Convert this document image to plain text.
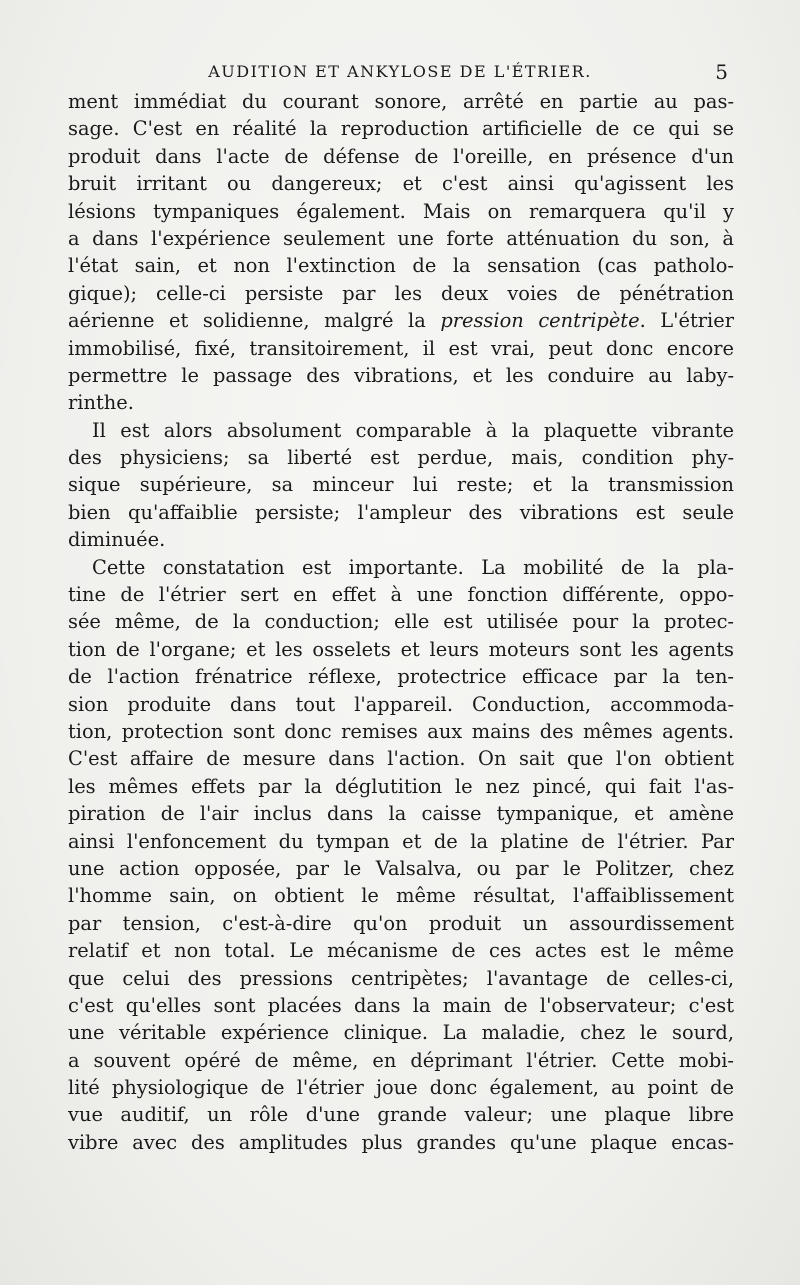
AUDITION ET ANKYLOSE DE L'ÉTRIER.	5
ment immédiat du courant sonore, arrêté en partie au pas-
sage. C'est en réalité la reproduction artificielle de ce qui se
produit dans l'acte de défense de l'oreille, en présence d'un
bruit irritant ou dangereux; et c'est ainsi qu'agissent les
lésions tympaniques également. Mais on remarquera qu'il y
a dans l'expérience seulement une forte atténuation du son, à
l'état sain, et non l'extinction de la sensation (cas patholo-
gique); celle-ci persiste par les deux voies de pénétration
aérienne et solidienne, malgré la pression centripète. L'étrier
immobilisé, fixé, transitoirement, il est vrai, peut donc encore
permettre le passage des vibrations, et les conduire au laby-
rinthe.
Il est alors absolument comparable à la plaquette vibrante
des physiciens; sa liberté est perdue, mais, condition phy-
sique supérieure, sa minceur lui reste; et la transmission
bien qu'affaiblie persiste; l'ampleur des vibrations est seule
diminuée.
Cette constatation est importante. La mobilité de la pla-
tine de l'étrier sert en effet à une fonction différente, oppo-
sée même, de la conduction; elle est utilisée pour la protec-
tion de l'organe; et les osselets et leurs moteurs sont les agents
de l'action frénatrice réflexe, protectrice efficace par la ten-
sion produite dans tout l'appareil. Conduction, accommoda-
tion, protection sont donc remises aux mains des mêmes agents.
C'est affaire de mesure dans l'action. On sait que l'on obtient
les mêmes effets par la déglutition le nez pincé, qui fait l'as-
piration de l'air inclus dans la caisse tympanique, et amène
ainsi l'enfoncement du tympan et de la platine de l'étrier. Par
une action opposée, par le Valsalva, ou par le Politzer, chez
l'homme sain, on obtient le même résultat, l'affaiblissement
par tension, c'est-à-dire qu'on produit un assourdissement
relatif et non total. Le mécanisme de ces actes est le même
que celui des pressions centripètes; l'avantage de celles-ci,
c'est qu'elles sont placées dans la main de l'observateur; c'est
une véritable expérience clinique. La maladie, chez le sourd,
a souvent opéré de même, en déprimant l'étrier. Cette mobi-
lité physiologique de l'étrier joue donc également, au point de
vue auditif, un rôle d'une grande valeur; une plaque libre
vibre avec des amplitudes plus grandes qu'une plaque encas-
